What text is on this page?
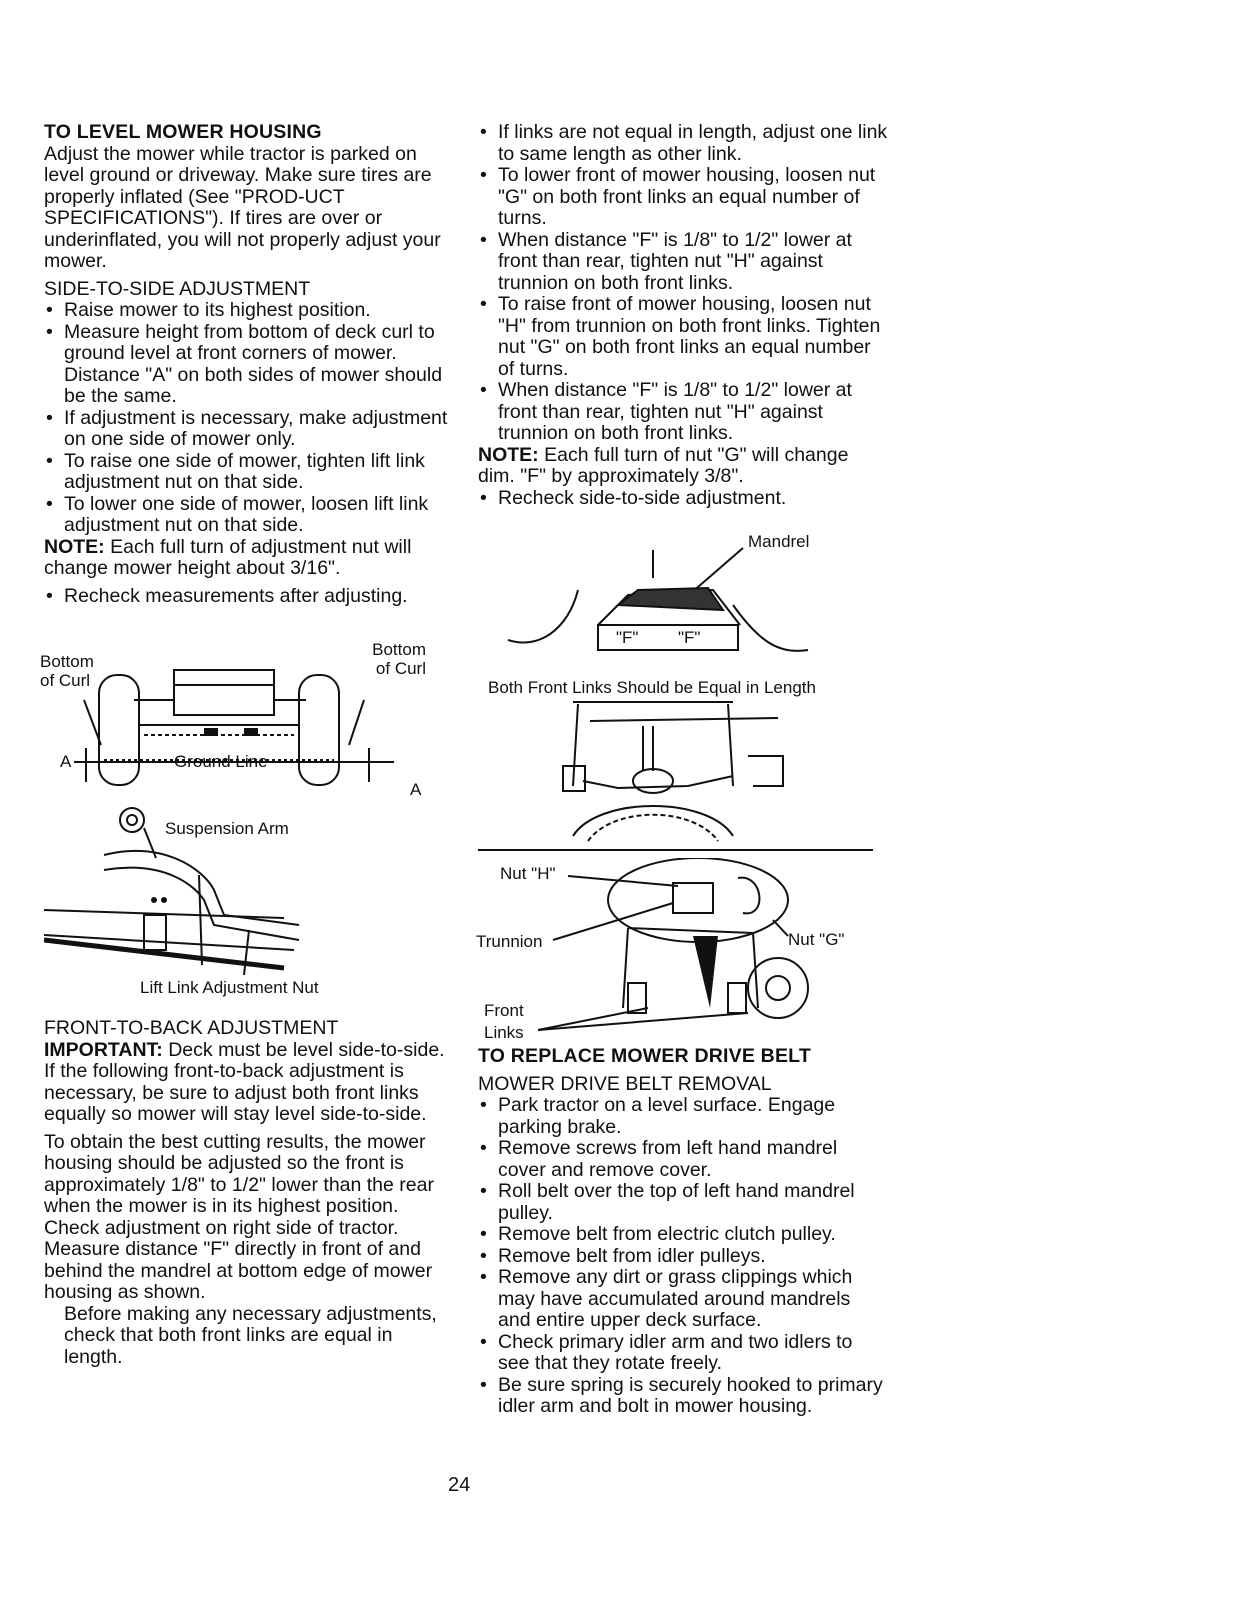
TO LEVEL MOWER HOUSING

Adjust the mower while tractor is parked on level ground or driveway. Make sure tires are properly inflated (See "PROD-UCT SPECIFICATIONS"). If tires are over or underinflated, you will not properly adjust your mower.

SIDE-TO-SIDE ADJUSTMENT
• Raise mower to its highest position.
• Measure height from bottom of deck curl to ground level at front corners of mower. Distance "A" on both sides of mower should be the same.
• If adjustment is necessary, make adjustment on one side of mower only.
• To raise one side of mower, tighten lift link adjustment nut on that side.
• To lower one side of mower, loosen lift link adjustment nut on that side.

NOTE: Each full turn of adjustment nut will change mower height about 3/16".

• Recheck measurements after adjusting.
Bottom of Curl
Bottom of Curl
Ground Line
A
A
Suspension Arm
Lift Link Adjustment Nut
FRONT-TO-BACK ADJUSTMENT

IMPORTANT: Deck must be level side-to-side. If the following front-to-back adjustment is necessary, be sure to adjust both front links equally so mower will stay level side-to-side.

To obtain the best cutting results, the mower housing should be adjusted so the front is approximately 1/8" to 1/2" lower than the rear when the mower is in its highest position.

Check adjustment on right side of tractor. Measure distance "F" directly in front of and behind the mandrel at bottom edge of mower housing as shown.

Before making any necessary adjustments, check that both front links are equal in length.

• If links are not equal in length, adjust one link to same length as other link.
• To lower front of mower housing, loosen nut "G" on both front links an equal number of turns.
• When distance "F" is 1/8" to 1/2" lower at front than rear, tighten nut "H" against trunnion on both front links.
• To raise front of mower housing, loosen nut "H" from trunnion on both front links. Tighten nut "G" on both front links an equal number of turns.
• When distance "F" is 1/8" to 1/2" lower at front than rear, tighten nut "H" against trunnion on both front links.

NOTE: Each full turn of nut "G" will change dim. "F" by approximately 3/8".

• Recheck side-to-side adjustment.
Mandrel
"F" "F"
Both Front Links Should be Equal in Length
Nut "H"
Trunnion	Nut "G"
Front Links
TO REPLACE MOWER DRIVE BELT
MOWER DRIVE BELT REMOVAL
• Park tractor on a level surface. Engage parking brake.
• Remove screws from left hand mandrel cover and remove cover.
• Roll belt over the top of left hand mandrel pulley.
• Remove belt from electric clutch pulley.
• Remove belt from idler pulleys.
• Remove any dirt or grass clippings which may have accumulated around mandrels and entire upper deck surface.
• Check primary idler arm and two idlers to see that they rotate freely.
• Be sure spring is securely hooked to primary idler arm and bolt in mower housing.
24
